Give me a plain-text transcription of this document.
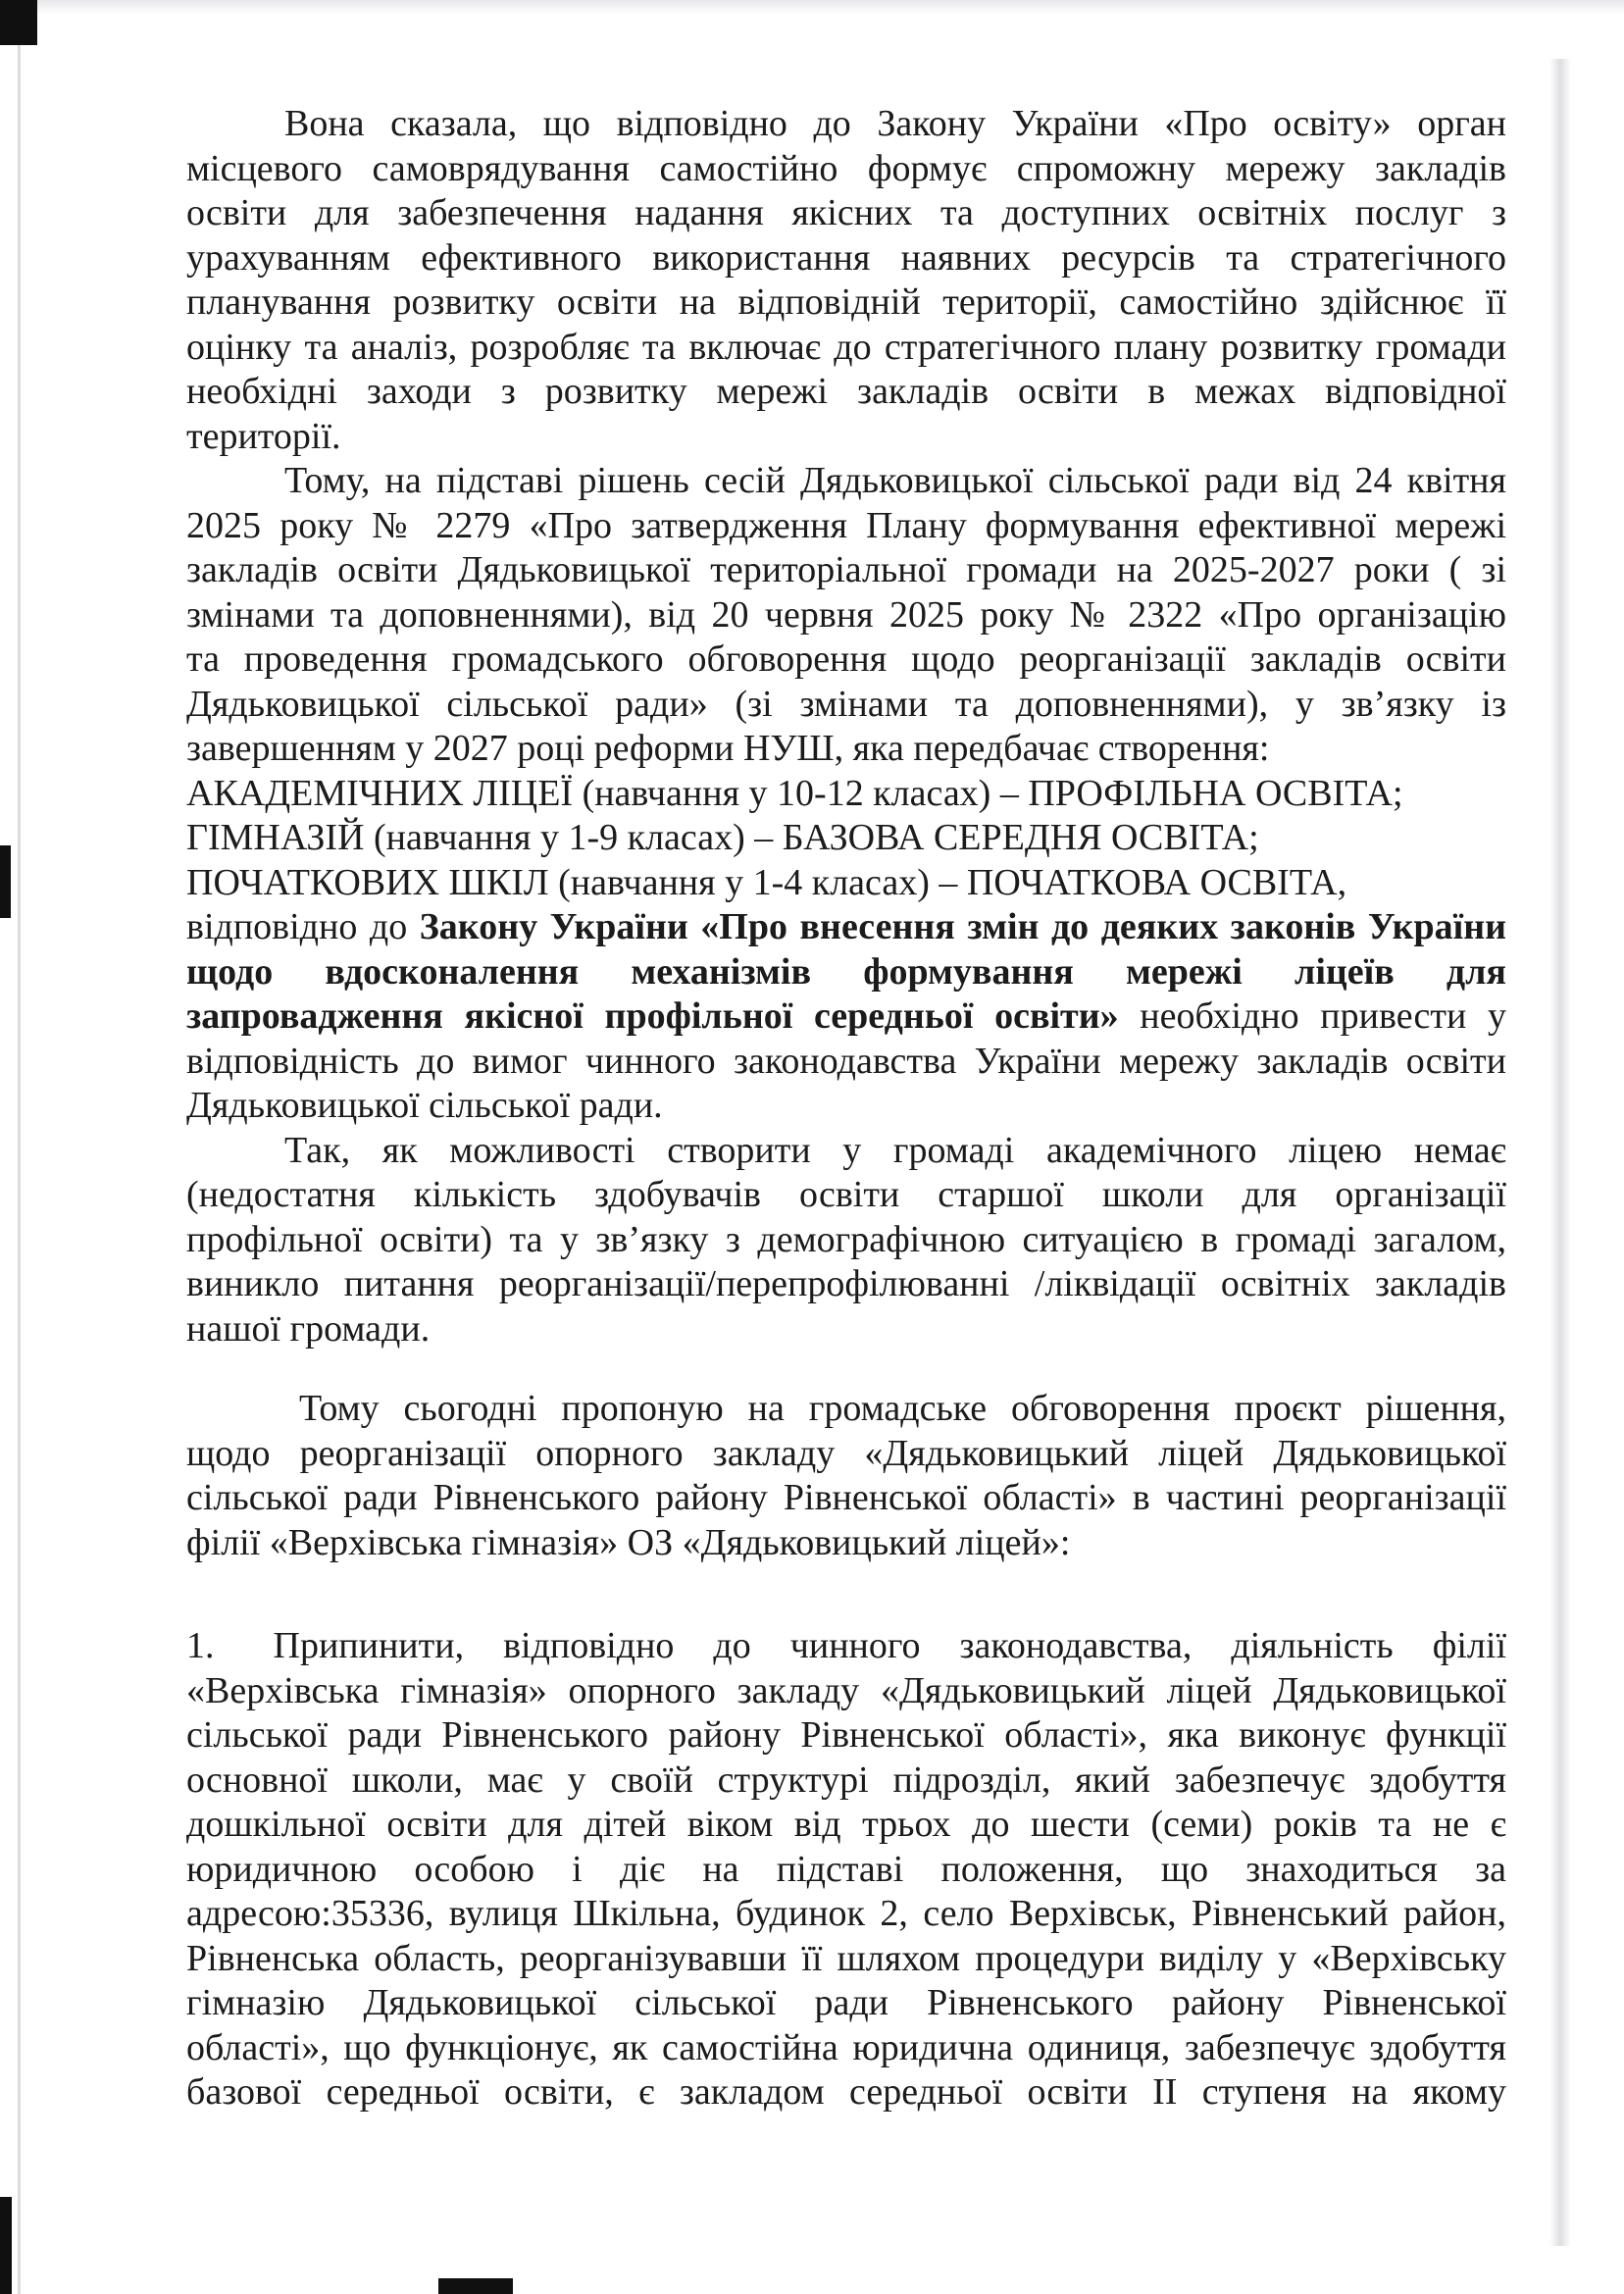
Вона сказала, що відповідно до Закону України «Про освіту» орган
місцевого самоврядування самостійно формує спроможну мережу закладів
освіти для забезпечення надання якісних та доступних освітніх послуг з
урахуванням ефективного використання наявних ресурсів та стратегічного
планування розвитку освіти на відповідній території, самостійно здійснює її
оцінку та аналіз, розробляє та включає до стратегічного плану розвитку громади
необхідні заходи з розвитку мережі закладів освіти в межах відповідної
території.
Тому, на підставі рішень сесій Дядьковицької сільської ради від 24 квітня
2025 року № 2279 «Про затвердження Плану формування ефективної мережі
закладів освіти Дядьковицької територіальної громади на 2025-2027 роки ( зі
змінами та доповненнями), від 20 червня 2025 року № 2322 «Про організацію
та проведення громадського обговорення щодо реорганізації закладів освіти
Дядьковицької сільської ради» (зі змінами та доповненнями), у зв’язку із
завершенням у 2027 році реформи НУШ, яка передбачає створення:
АКАДЕМІЧНИХ ЛІЦЕЇ (навчання у 10-12 класах) – ПРОФІЛЬНА ОСВІТА;
ГІМНАЗІЙ (навчання у 1-9 класах) – БАЗОВА СЕРЕДНЯ ОСВІТА;
ПОЧАТКОВИХ ШКІЛ (навчання у 1-4 класах) – ПОЧАТКОВА ОСВІТА,
відповідно до Закону України «Про внесення змін до деяких законів України
щодо вдосконалення механізмів формування мережі ліцеїв для
запровадження якісної профільної середньої освіти» необхідно привести у
відповідність до вимог чинного законодавства України мережу закладів освіти
Дядьковицької сільської ради.
Так, як можливості створити у громаді академічного ліцею немає
(недостатня кількість здобувачів освіти старшої школи для організації
профільної освіти) та у зв’язку з демографічною ситуацією в громаді загалом,
виникло питання реорганізації/перепрофілюванні /ліквідації освітніх закладів
нашої громади.
Тому сьогодні пропоную на громадське обговорення проєкт рішення,
щодо реорганізації опорного закладу «Дядьковицький ліцей Дядьковицької
сільської ради Рівненського району Рівненської області» в частині реорганізації
філії «Верхівська гімназія» ОЗ «Дядьковицький ліцей»:
1. Припинити, відповідно до чинного законодавства, діяльність філії
«Верхівська гімназія» опорного закладу «Дядьковицький ліцей Дядьковицької
сільської ради Рівненського району Рівненської області», яка виконує функції
основної школи, має у своїй структурі підрозділ, який забезпечує здобуття
дошкільної освіти для дітей віком від трьох до шести (семи) років та не є
юридичною особою і діє на підставі положення, що знаходиться за
адресою:35336, вулиця Шкільна, будинок 2, село Верхівськ, Рівненський район,
Рівненська область, реорганізувавши її шляхом процедури виділу у «Верхівську
гімназію Дядьковицької сільської ради Рівненського району Рівненської
області», що функціонує, як самостійна юридична одиниця, забезпечує здобуття
базової середньої освіти, є закладом середньої освіти ІІ ступеня на якому
